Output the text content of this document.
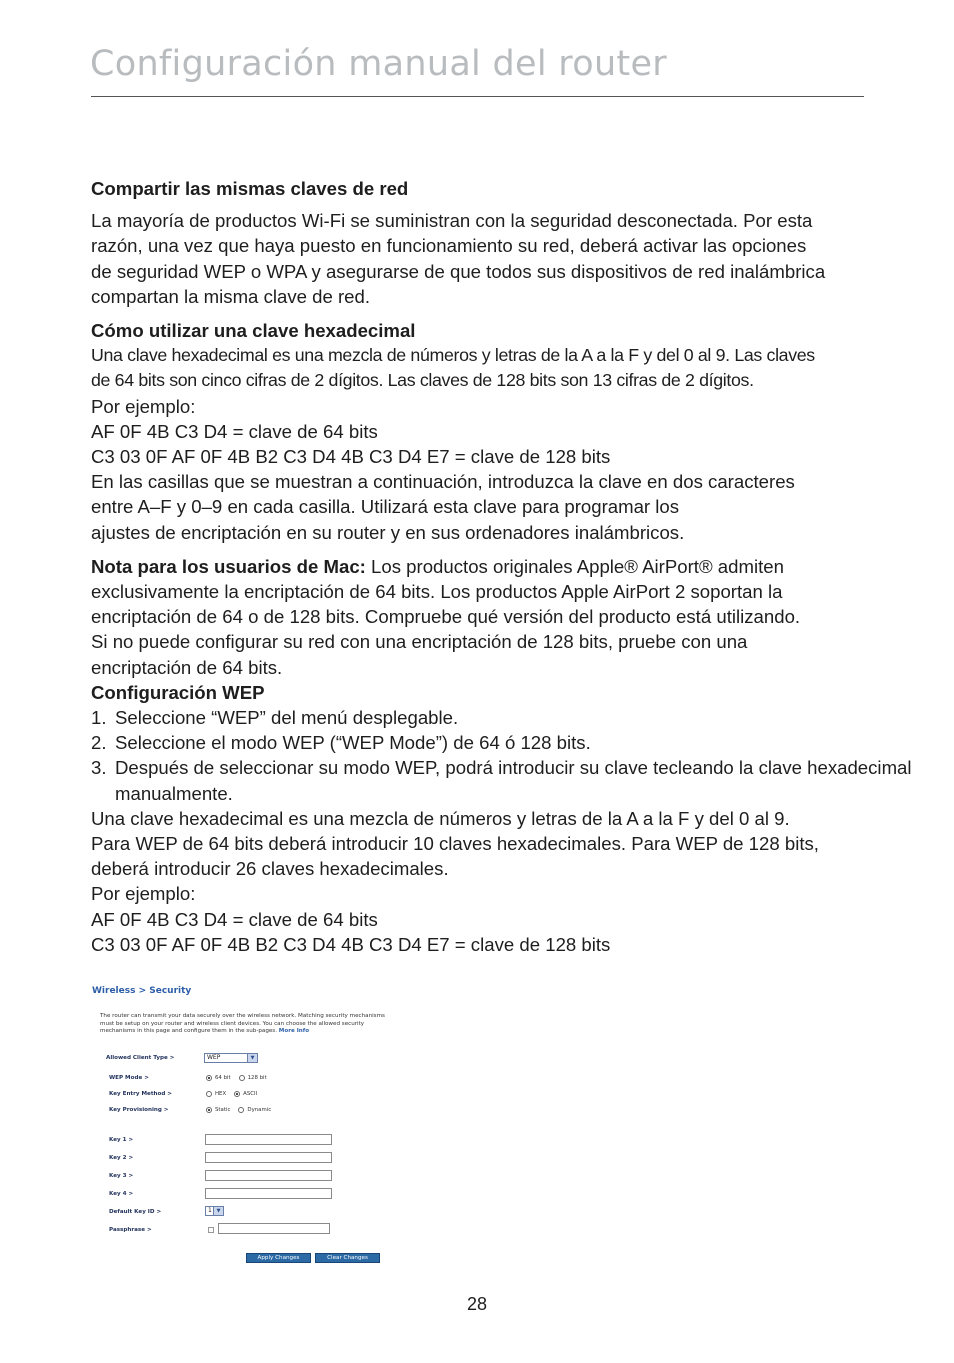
Configuración manual del router

Compartir las mismas claves de red

La mayoría de productos Wi-Fi se suministran con la seguridad desconectada. Por esta

razón, una vez que haya puesto en funcionamiento su red, deberá activar las opciones

de seguridad WEP o WPA y asegurarse de que todos sus dispositivos de red inalámbrica

compartan la misma clave de red.

Cómo utilizar una clave hexadecimal

Una clave hexadecimal es una mezcla de números y letras de la A a la F y del 0 al 9. Las claves

de 64 bits son cinco cifras de 2 dígitos. Las claves de 128 bits son 13 cifras de 2 dígitos.

Por ejemplo:

AF 0F 4B C3 D4 = clave de 64 bits

C3 03 0F AF 0F 4B B2 C3 D4 4B C3 D4 E7 = clave de 128 bits

En las casillas que se muestran a continuación, introduzca la clave en dos caracteres

entre A–F y 0–9 en cada casilla. Utilizará esta clave para programar los

ajustes de encriptación en su router y en sus ordenadores inalámbricos.

Nota para los usuarios de Mac: Los productos originales Apple® AirPort® admiten

exclusivamente la encriptación de 64 bits. Los productos Apple AirPort 2 soportan la

encriptación de 64 o de 128 bits. Compruebe qué versión del producto está utilizando.

Si no puede configurar su red con una encriptación de 128 bits, pruebe con una

encriptación de 64 bits.

Configuración WEP

1. Seleccione “WEP” del menú desplegable.
2. Seleccione el modo WEP (“WEP Mode”) de 64 ó 128 bits.
3. Después de seleccionar su modo WEP, podrá introducir su clave tecleando la clave hexadecimal manualmente.

Una clave hexadecimal es una mezcla de números y letras de la A a la F y del 0 al 9.

Para WEP de 64 bits deberá introducir 10 claves hexadecimales. Para WEP de 128 bits,

deberá introducir 26 claves hexadecimales.

Por ejemplo:

AF 0F 4B C3 D4 = clave de 64 bits

C3 03 0F AF 0F 4B B2 C3 D4 4B C3 D4 E7 = clave de 128 bits

Wireless > Security
The router can transmit your data securely over the wireless network. Matching security mechanisms must be setup on your router and wireless client devices. You can choose the allowed security mechanisms in this page and configure them in the sub-pages. More Info
Allowed Client Type >	WEP	▼
WEP Mode >	64 bit	128 bit
Key Entry Method >	HEX	ASCII
Key Provisioning >	Static	Dynamic
Key 1 >
Key 2 >
Key 3 >
Key 4 >
Default Key ID >	1 ▼
Passphrase >
Apply Changes	Clear Changes
28
